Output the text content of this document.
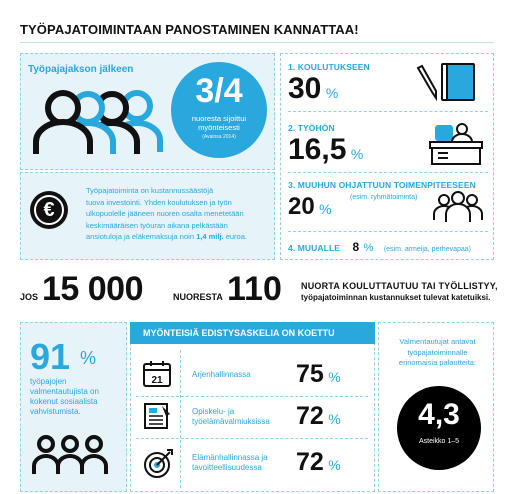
TYÖPAJATOIMINTAAN PANOSTAMINEN KANNATTAA!
Työpajajakson jälkeen
3/4
nuoresta sijoittui
myönteisesti
(Avainsa 2014)
€
Työpajatoiminta on kustannussäästöjä
tuova investointi. Yhden koulutuksen ja työn
ulkopuolelle jääneen nuoren osalta menetetään
keskimääräisen työuran aikana pelkästään
ansiotuloja ja eläkemaksuja noin 1,4 milj. euroa.
1. KOULUTUKSEEN
30 %
2. TYÖHÖN
16,5 %
3. MUUHUN OHJATTUUN TOIMENPITEESEEN
20 %
(esim. ryhmätoiminta)
4. MUUALLE 8 % (esim. armeija, perhevapaa)
JOS 15 000	NUORESTA 110 NUORTA KOULUTTAUTUU TAI TYÖLLISTYY,
työpajatoiminnan kustannukset tulevat katetuiksi.
91 %
työpajojen
valmentautujista on
kokenut sosiaalista
vahvistumista.
MYÖNTEISIÄ EDISTYSASKELIA ON KOETTU
21
Arjenhallinnassa 75 %
Opiskelu- ja
työelämävalmiuksissa 72 %
Elämänhallinnassa ja
tavoitteellisuudessa 72 %
Valmentautujat antavat
työpajatoiminnalle
erinomaisia palautteita:
4,3
Asteikko 1–5
